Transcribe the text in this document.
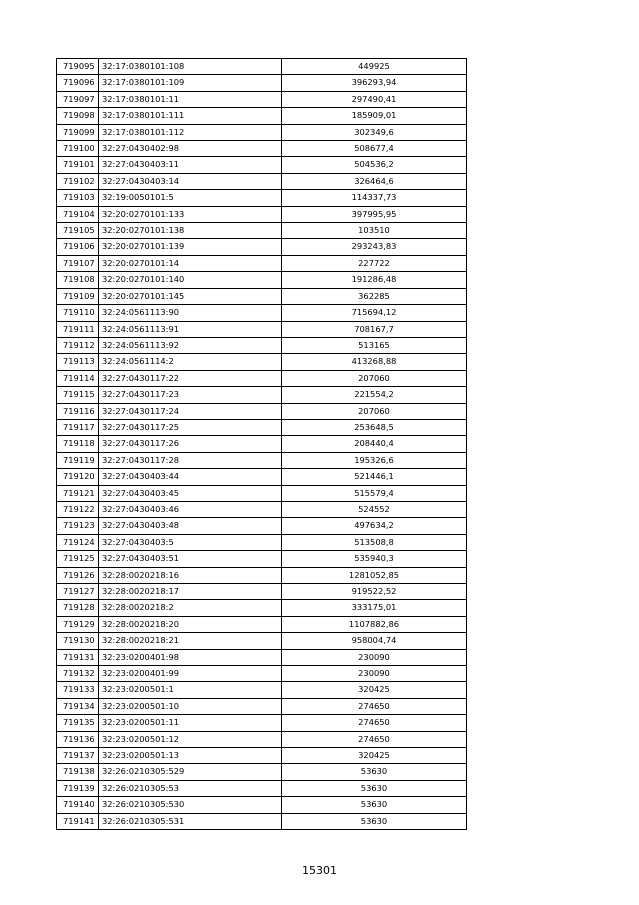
719095	32:17:0380101:108	449925
719096	32:17:0380101:109	396293,94
719097	32:17:0380101:11	297490,41
719098	32:17:0380101:111	185909,01
719099	32:17:0380101:112	302349,6
719100	32:27:0430402:98	508677,4
719101	32:27:0430403:11	504536,2
719102	32:27:0430403:14	326464,6
719103	32:19:0050101:5	114337,73
719104	32:20:0270101:133	397995,95
719105	32:20:0270101:138	103510
719106	32:20:0270101:139	293243,83
719107	32:20:0270101:14	227722
719108	32:20:0270101:140	191286,48
719109	32:20:0270101:145	362285
719110	32:24:0561113:90	715694,12
719111	32:24:0561113:91	708167,7
719112	32:24:0561113:92	513165
719113	32:24:0561114:2	413268,88
719114	32:27:0430117:22	207060
719115	32:27:0430117:23	221554,2
719116	32:27:0430117:24	207060
719117	32:27:0430117:25	253648,5
719118	32:27:0430117:26	208440,4
719119	32:27:0430117:28	195326,6
719120	32:27:0430403:44	521446,1
719121	32:27:0430403:45	515579,4
719122	32:27:0430403:46	524552
719123	32:27:0430403:48	497634,2
719124	32:27:0430403:5	513508,8
719125	32:27:0430403:51	535940,3
719126	32:28:0020218:16	1281052,85
719127	32:28:0020218:17	919522,52
719128	32:28:0020218:2	333175,01
719129	32:28:0020218:20	1107882,86
719130	32:28:0020218:21	958004,74
719131	32:23:0200401:98	230090
719132	32:23:0200401:99	230090
719133	32:23:0200501:1	320425
719134	32:23:0200501:10	274650
719135	32:23:0200501:11	274650
719136	32:23:0200501:12	274650
719137	32:23:0200501:13	320425
719138	32:26:0210305:529	53630
719139	32:26:0210305:53	53630
719140	32:26:0210305:530	53630
719141	32:26:0210305:531	53630
15301
